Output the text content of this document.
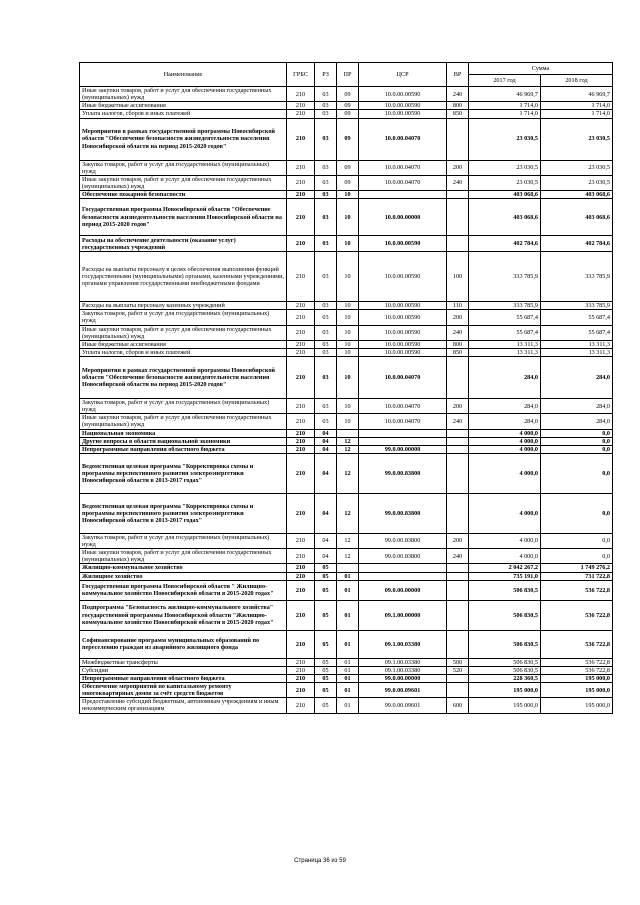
Наименование	ГРБС	РЗ	ПР	ЦСР	ВР	Сумма	
						2017 год	2018 год
Иные закупки товаров, работ и услуг для обеспечения государственных (муниципальных) нужд	210	03	09	10.0.00.00590	240	46 969,7	46 969,7
Иные бюджетные ассигнования	210	03	09	10.0.00.00590	800	1 714,0	1 714,0
Уплата налогов, сборов и иных платежей	210	03	09	10.0.00.00590	850	1 714,0	1 714,0
Мероприятия в рамках государственной программы Новосибирской области "Обеспечение безопасности жизнедеятельности населения Новосибирской области на период 2015-2020 годов"	210	03	09	10.0.00.04070		23 030,5	23 030,5
Закупка товаров, работ и услуг для государственных (муниципальных) нужд	210	03	09	10.0.00.04070	200	23 030,5	23 030,5
Иные закупки товаров, работ и услуг для обеспечения государственных (муниципальных) нужд	210	03	09	10.0.00.04070	240	23 030,5	23 030,5
Обеспечение пожарной безопасности	210	03	10			403 068,6	403 068,6
Государственная программа Новосибирской области "Обеспечение безопасности жизнедеятельности населения Новосибирской области на период 2015-2020 годов"	210	03	10	10.0.00.00000		403 068,6	403 068,6
Расходы на обеспечение деятельности (оказание услуг) государственных учреждений	210	03	10	10.0.00.00590		402 784,6	402 784,6
Расходы на выплаты персоналу в целях обеспечения выполнения функций государственными (муниципальными) органами, казенными учреждениями, органами управления государственными внебюджетными фондами	210	03	10	10.0.00.00590	100	333 785,9	333 785,9
Расходы на выплаты персоналу казенных учреждений	210	03	10	10.0.00.00590	110	333 785,9	333 785,9
Закупка товаров, работ и услуг для государственных (муниципальных) нужд	210	03	10	10.0.00.00590	200	55 687,4	55 687,4
Иные закупки товаров, работ и услуг для обеспечения государственных (муниципальных) нужд	210	03	10	10.0.00.00590	240	55 687,4	55 687,4
Иные бюджетные ассигнования	210	03	10	10.0.00.00590	800	13 311,3	13 311,3
Уплата налогов, сборов и иных платежей	210	03	10	10.0.00.00590	850	13 311,3	13 311,3
Мероприятия в рамках государственной программы Новосибирской области "Обеспечение безопасности жизнедеятельности населения Новосибирской области на период 2015-2020 годов"	210	03	10	10.0.00.04070		284,0	284,0
Закупка товаров, работ и услуг для государственных (муниципальных) нужд	210	03	10	10.0.00.04070	200	284,0	284,0
Иные закупки товаров, работ и услуг для обеспечения государственных (муниципальных) нужд	210	03	10	10.0.00.04070	240	284,0	284,0
Национальная экономика	210	04				4 000,0	0,0
Другие вопросы в области национальной экономики	210	04	12			4 000,0	0,0
Непрограммные направления областного бюджета	210	04	12	99.0.00.00000		4 000,0	0,0
Ведомственная целевая программа "Корректировка схемы и программы перспективного развития электроэнергетики Новосибирской области в 2013-2017 годах"	210	04	12	99.0.00.83800		4 000,0	0,0
Ведомственная целевая программа "Корректировка схемы и программы перспективного развития электроэнергетики Новосибирской области в 2013-2017 годах"	210	04	12	99.0.00.83800		4 000,0	0,0
Закупка товаров, работ и услуг для государственных (муниципальных) нужд	210	04	12	99.0.00.83800	200	4 000,0	0,0
Иные закупки товаров, работ и услуг для обеспечения государственных (муниципальных) нужд	210	04	12	99.0.00.83800	240	4 000,0	0,0
Жилищно-коммунальное хозяйство	210	05				2 042 267,2	1 749 276,2
Жилищное хозяйство	210	05	01			735 191,0	731 722,8
Государственная программа Новосибирской области " Жилищно-коммунальное хозяйство Новосибирской области в 2015-2020 годах"	210	05	01	09.0.00.00000		506 830,5	536 722,8
Подпрограмма "Безопасность жилищно-коммунального хозяйства" государственной программы Новосибирской области "Жилищно-коммунальное хозяйство Новосибирской области в 2015-2020 годах"	210	05	01	09.1.00.00000		506 830,5	536 722,8
Софинансирование программ муниципальных образований по переселению граждан из аварийного жилищного фонда	210	05	01	09.1.00.03380		506 830,5	536 722,8
Межбюджетные трансферты	210	05	01	09.1.00.03380	500	506 830,5	536 722,8
Субсидии	210	05	01	09.1.00.03380	520	506 830,5	536 722,8
Непрограммные направления областного бюджета	210	05	01	99.0.00.00000		228 360,5	195 000,0
Обеспечение мероприятий по капитальному ремонту многоквартирных домов за счёт средств бюджетов	210	05	01	99.0.00.09601		195 000,0	195 000,0
Предоставление субсидий бюджетным, автономным учреждениям и иным некоммерческим организациям	210	05	01	99.0.00.09601	600	195 000,0	195 000,0
Страница 36 из 59
